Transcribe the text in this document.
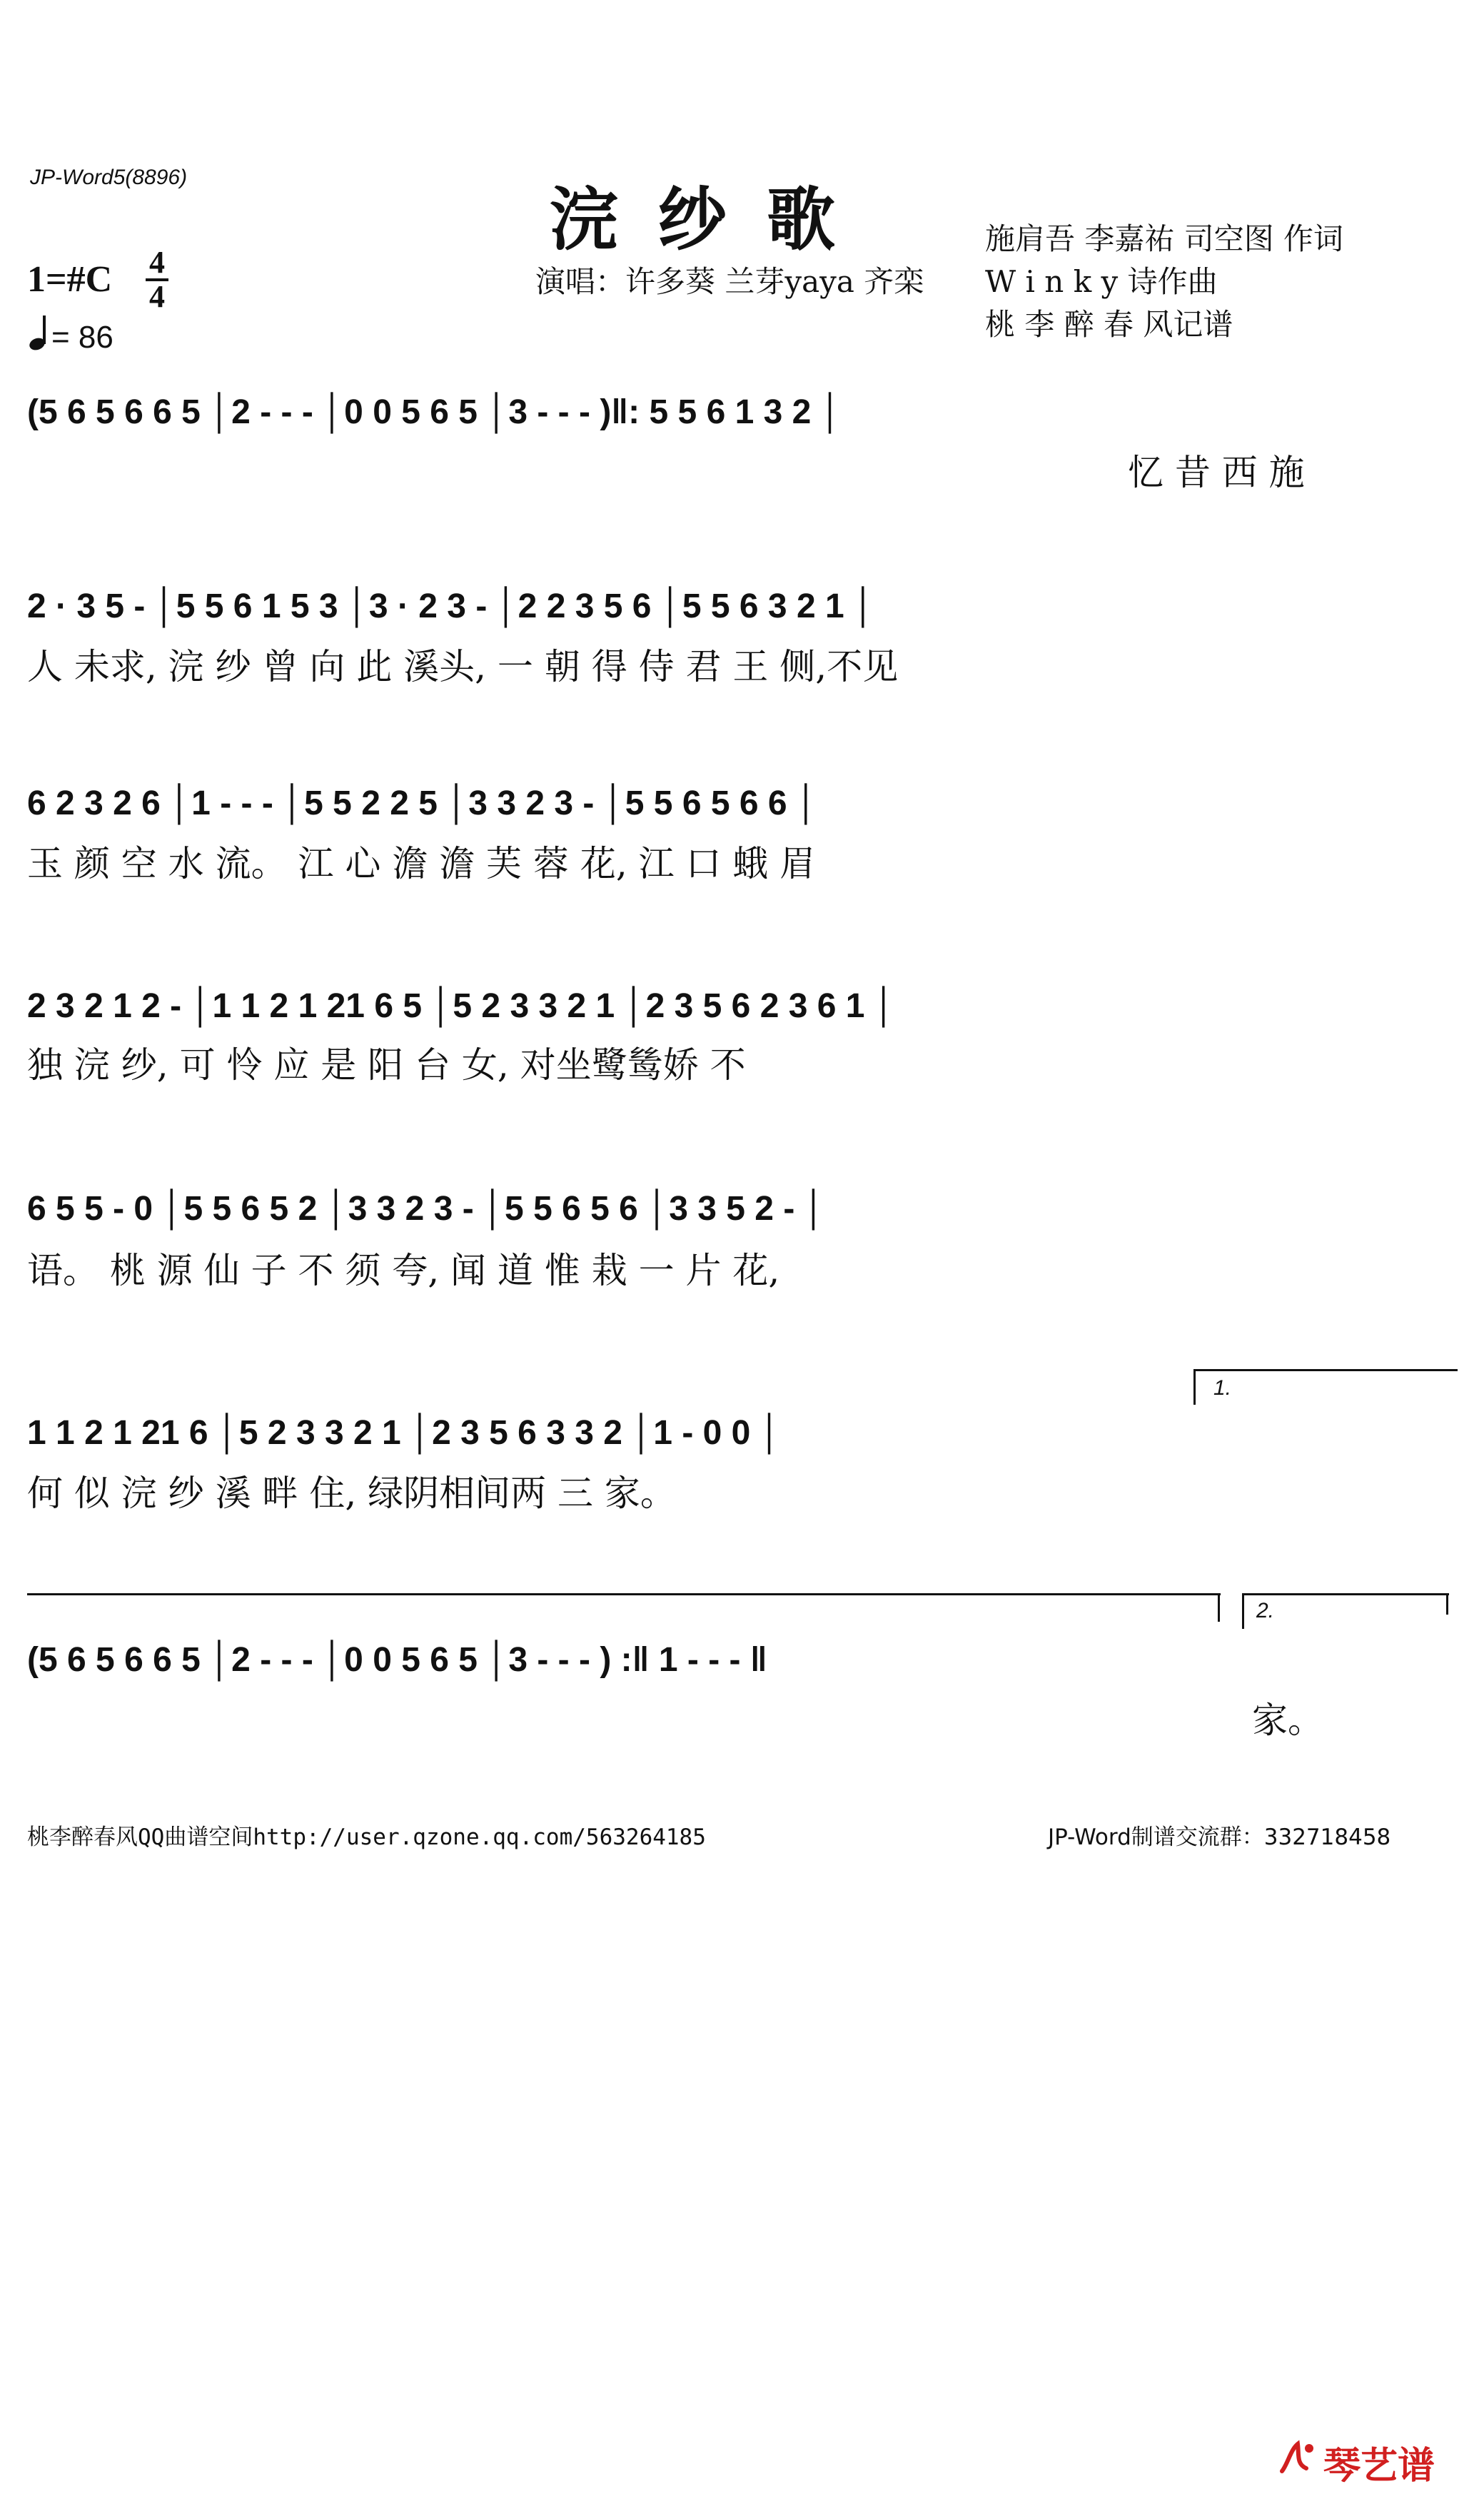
JP-Word5(8896)
浣纱歌
1=#C 4
4
= 86
演唱：许多葵 兰芽yaya 齐栾
施肩吾 李嘉祐 司空图 作词
W i n k y 诗作曲
桃 李 醉 春 风记谱
(5 6 5 6 6 5 │2 - - - │0 0 5 6 5 │3 - - - )‖: 5 5 6 1 3 2 │
忆 昔 西 施
2 · 3 5 - │5 5 6 1 5 3 │3 · 2 3 - │2 2 3 5 6 │5 5 6 3 2 1 │
人 未求, 浣 纱 曾 向 此 溪头, 一 朝 得 侍 君 王 侧,不见
6 2 3 2 6 │1 - - - │5 5 2 2 5 │3 3 2 3 - │5 5 6 5 6 6 │
玉 颜 空 水 流。 江 心 澹 澹 芙 蓉 花, 江 口 蛾 眉
2 3 2 1 2 - │1 1 2 1 21 6 5 │5 2 3 3 2 1 │2 3 5 6 2 3 6 1 │
独 浣 纱, 可 怜 应 是 阳 台 女, 对坐鹭鸶娇 不
6 5 5 - 0 │5 5 6 5 2 │3 3 2 3 - │5 5 6 5 6 │3 3 5 2 - │
语。 桃 源 仙 子 不 须 夸, 闻 道 惟 栽 一 片 花,
1.
1 1 2 1 21 6 │5 2 3 3 2 1 │2 3 5 6 3 3 2 │1 - 0 0 │
何 似 浣 纱 溪 畔 住, 绿阴相间两 三 家。
2.
(5 6 5 6 6 5 │2 - - - │0 0 5 6 5 │3 - - - ) :‖ 1 - - - ‖
家。
桃李醉春风QQ曲谱空间http://user.qzone.qq.com/563264185	JP-Word制谱交流群：332718458
琴艺谱
